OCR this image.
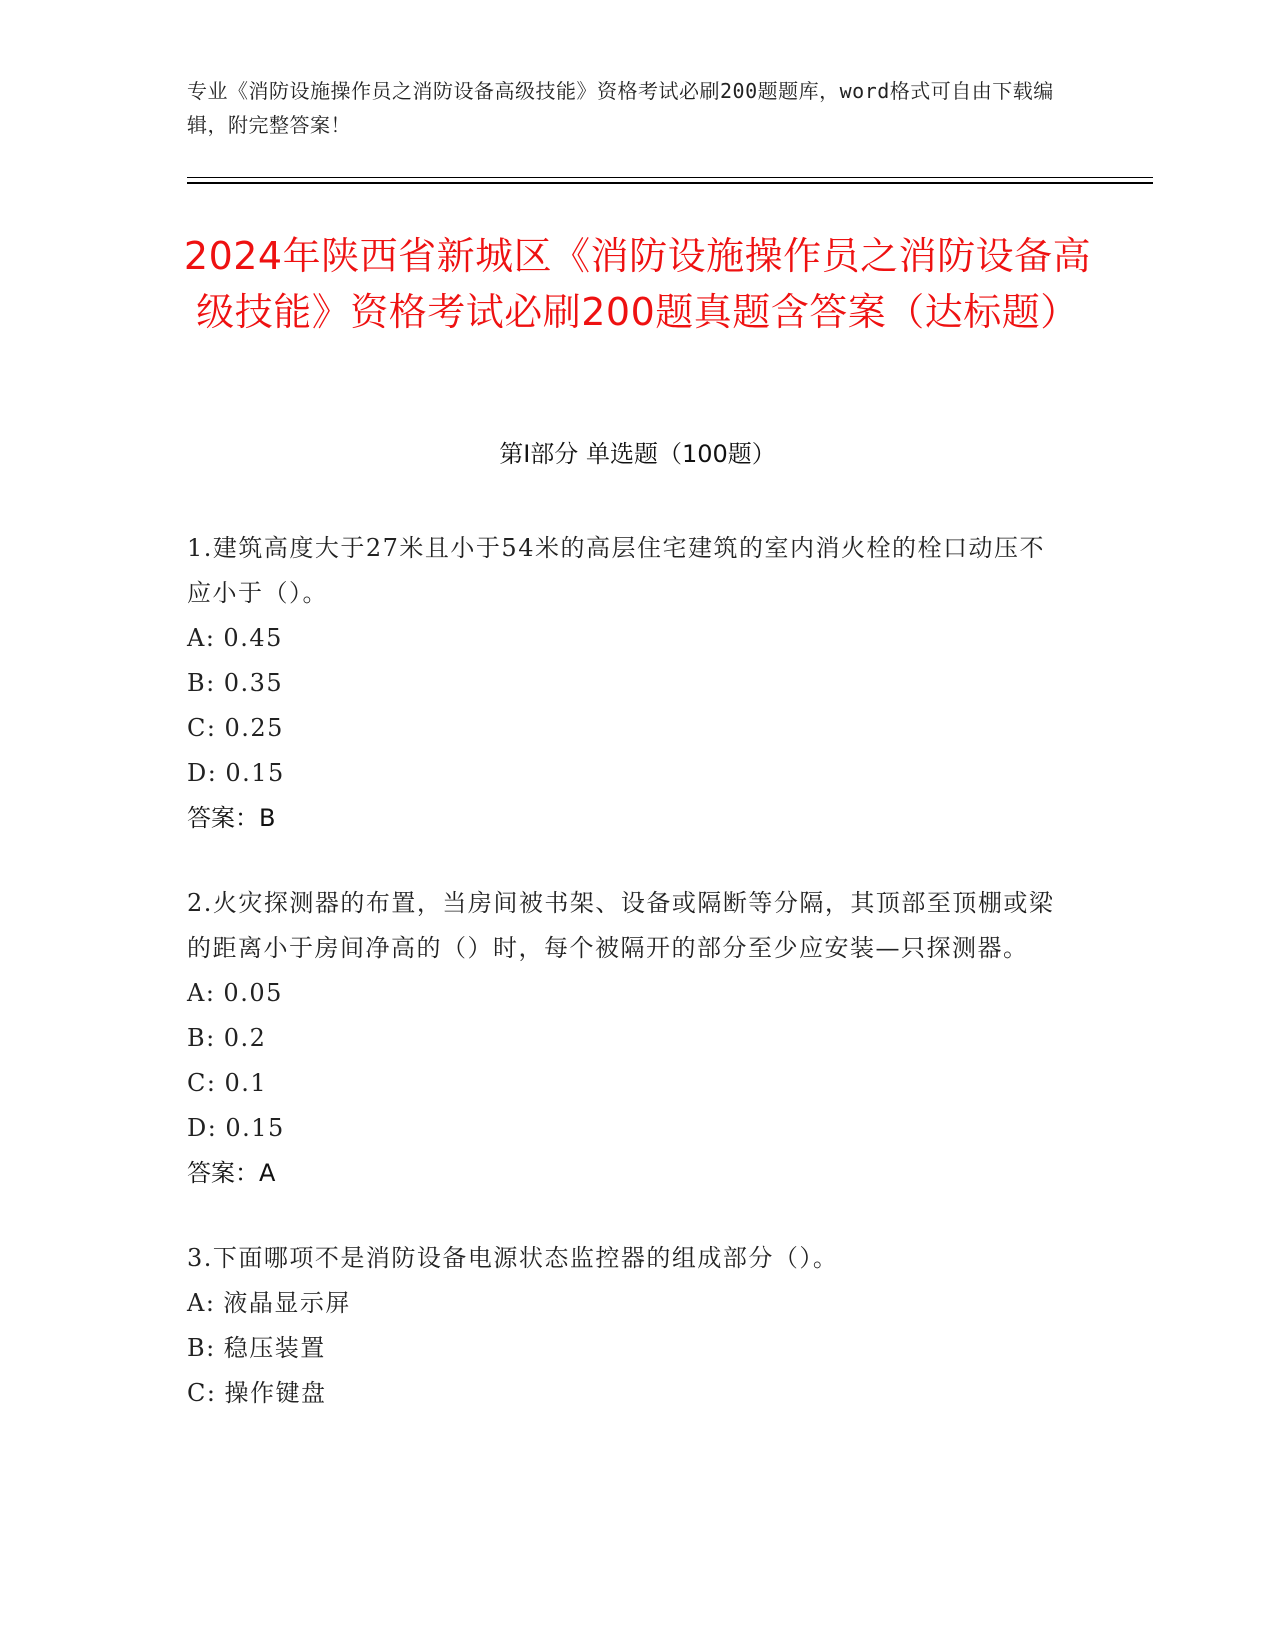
专业《消防设施操作员之消防设备高级技能》资格考试必刷200题题库，word格式可自由下载编辑，附完整答案！
2024年陕西省新城区《消防设施操作员之消防设备高级技能》资格考试必刷200题真题含答案（达标题）
第Ⅰ部分 单选题（100题）
1.建筑高度大于27米且小于54米的高层住宅建筑的室内消火栓的栓口动压不应小于（）。
A: 0.45
B: 0.35
C: 0.25
D: 0.15
答案：B
2.火灾探测器的布置，当房间被书架、设备或隔断等分隔，其顶部至顶棚或梁的距离小于房间净高的（）时，每个被隔开的部分至少应安装—只探测器。
A: 0.05
B: 0.2
C: 0.1
D: 0.15
答案：A
3.下面哪项不是消防设备电源状态监控器的组成部分（）。
A: 液晶显示屏
B: 稳压装置
C: 操作键盘
